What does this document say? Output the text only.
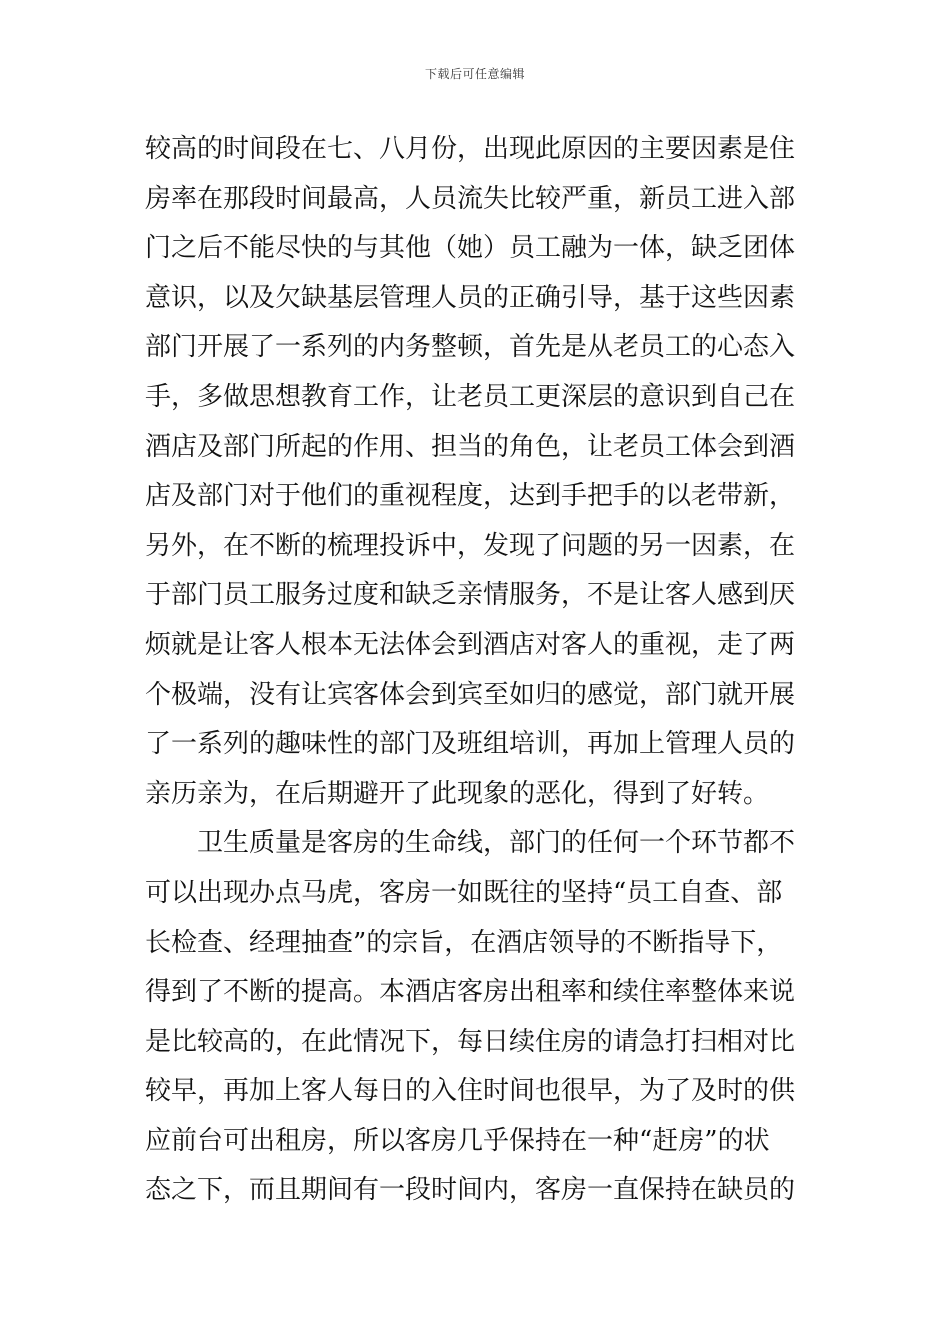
下载后可任意编辑
较高的时间段在七、八月份，出现此原因的主要因素是住
房率在那段时间最高，人员流失比较严重，新员工进入部
门之后不能尽快的与其他（她）员工融为一体，缺乏团体
意识，以及欠缺基层管理人员的正确引导，基于这些因素
部门开展了一系列的内务整顿，首先是从老员工的心态入
手，多做思想教育工作，让老员工更深层的意识到自己在
酒店及部门所起的作用、担当的角色，让老员工体会到酒
店及部门对于他们的重视程度，达到手把手的以老带新，
另外，在不断的梳理投诉中，发现了问题的另一因素，在
于部门员工服务过度和缺乏亲情服务，不是让客人感到厌
烦就是让客人根本无法体会到酒店对客人的重视，走了两
个极端，没有让宾客体会到宾至如归的感觉，部门就开展
了一系列的趣味性的部门及班组培训，再加上管理人员的
亲历亲为，在后期避开了此现象的恶化，得到了好转。
卫生质量是客房的生命线，部门的任何一个环节都不
可以出现办点马虎，客房一如既往的坚持“员工自查、部
长检查、经理抽查”的宗旨，在酒店领导的不断指导下，
得到了不断的提高。本酒店客房出租率和续住率整体来说
是比较高的，在此情况下，每日续住房的请急打扫相对比
较早，再加上客人每日的入住时间也很早，为了及时的供
应前台可出租房，所以客房几乎保持在一种“赶房”的状
态之下，而且期间有一段时间内，客房一直保持在缺员的
